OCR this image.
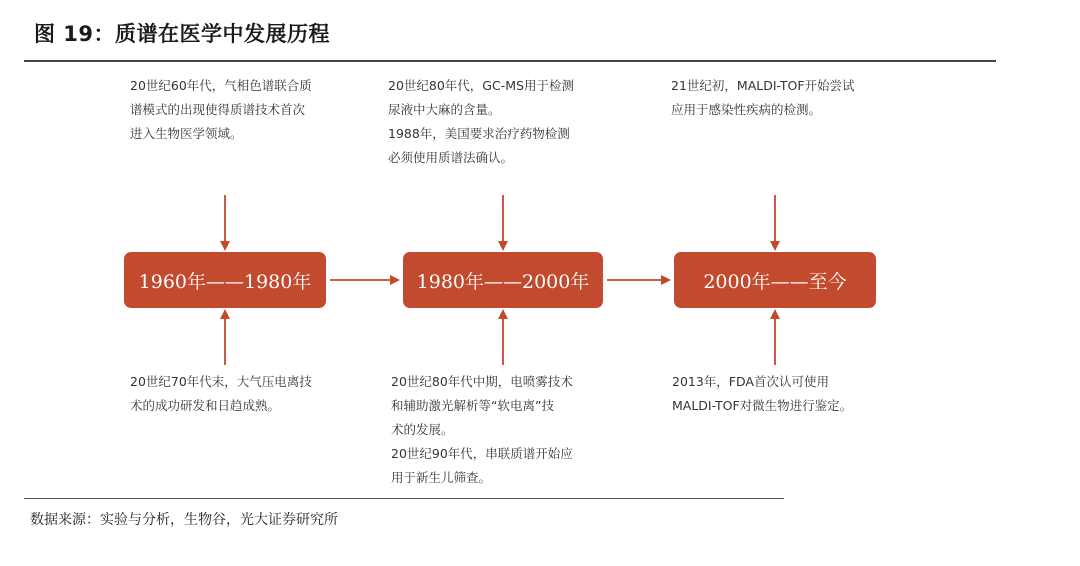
图 19：质谱在医学中发展历程

20世纪60年代，气相色谱联合质

谱模式的出现使得质谱技术首次

进入生物医学领域。

1960年——1980年

20世纪70年代末，大气压电离技

术的成功研发和日趋成熟。

20世纪80年代，GC-MS用于检测

尿液中大麻的含量。

1988年，美国要求治疗药物检测

必须使用质谱法确认。

1980年——2000年

20世纪80年代中期，电喷雾技术

和辅助激光解析等“软电离”技

术的发展。

20世纪90年代，串联质谱开始应

用于新生儿筛查。

21世纪初，MALDI-TOF开始尝试

应用于感染性疾病的检测。

2000年——至今

2013年，FDA首次认可使用

MALDI-TOF对微生物进行鉴定。

数据来源：实验与分析，生物谷，光大证券研究所
